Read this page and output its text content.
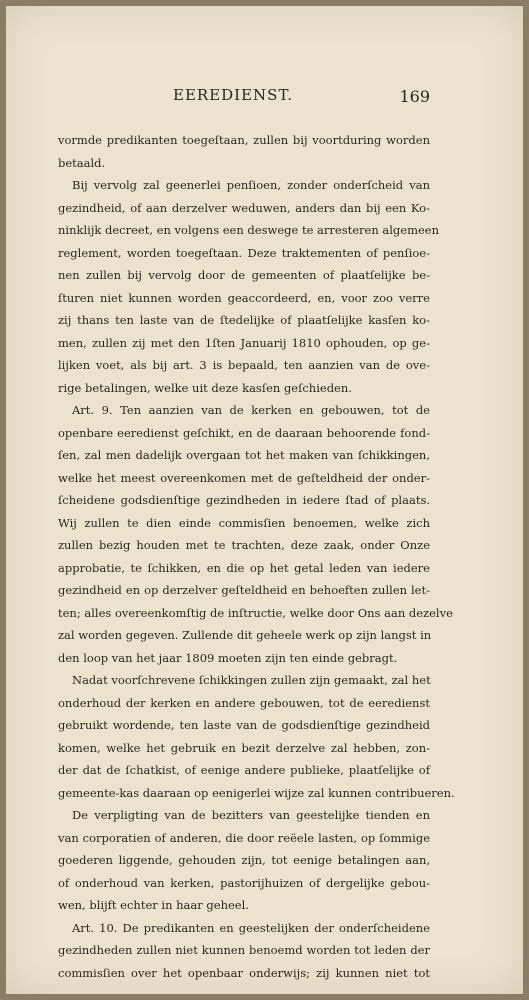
EEREDIENST.	169
vormde predikanten toegeſtaan, zullen bij voortduring worden
betaald.
Bij vervolg zal geenerlei penſioen, zonder onderſcheid van
gezindheid, of aan derzelver weduwen, anders dan bij een Ko-
ninklijk decreet, en volgens een deswege te arresteren algemeen
reglement, worden toegeſtaan. Deze traktementen of penſioe-
nen zullen bij vervolg door de gemeenten of plaatſelijke be-
ſturen niet kunnen worden geaccordeerd, en, voor zoo verre
zij thans ten laste van de ſtedelijke of plaatſelijke kasſen ko-
men, zullen zij met den 1ſten Januarij 1810 ophouden, op ge-
lijken voet, als bij art. 3 is bepaald, ten aanzien van de ove-
rige betalingen, welke uit deze kasſen geſchieden.
Art. 9. Ten aanzien van de kerken en gebouwen, tot de
openbare eeredienst geſchikt, en de daaraan behoorende fond-
ſen, zal men dadelijk overgaan tot het maken van ſchikkingen,
welke het meest overeenkomen met de geſteldheid der onder-
ſcheidene godsdienſtige gezindheden in iedere ſtad of plaats.
Wij zullen te dien einde commisſien benoemen, welke zich
zullen bezig houden met te trachten, deze zaak, onder Onze
approbatie, te ſchikken, en die op het getal leden van iedere
gezindheid en op derzelver geſteldheid en behoeften zullen let-
ten; alles overeenkomſtig de inſtructie, welke door Ons aan dezelve
zal worden gegeven. Zullende dit geheele werk op zijn langst in
den loop van het jaar 1809 moeten zijn ten einde gebragt.
Nadat voorſchrevene ſchikkingen zullen zijn gemaakt, zal het
onderhoud der kerken en andere gebouwen, tot de eeredienst
gebruikt wordende, ten laste van de godsdienſtige gezindheid
komen, welke het gebruik en bezit derzelve zal hebben, zon-
der dat de ſchatkist, of eenige andere publieke, plaatſelijke of
gemeente-kas daaraan op eenigerlei wijze zal kunnen contribueren.
De verpligting van de bezitters van geestelijke tienden en
van corporatien of anderen, die door reëele lasten, op ſommige
goederen liggende, gehouden zijn, tot eenige betalingen aan,
of onderhoud van kerken, pastorijhuizen of dergelijke gebou-
wen, blijft echter in haar geheel.
Art. 10. De predikanten en geestelijken der onderſcheidene
gezindheden zullen niet kunnen benoemd worden tot leden der
commisſien over het openbaar onderwijs; zij kunnen niet tot
